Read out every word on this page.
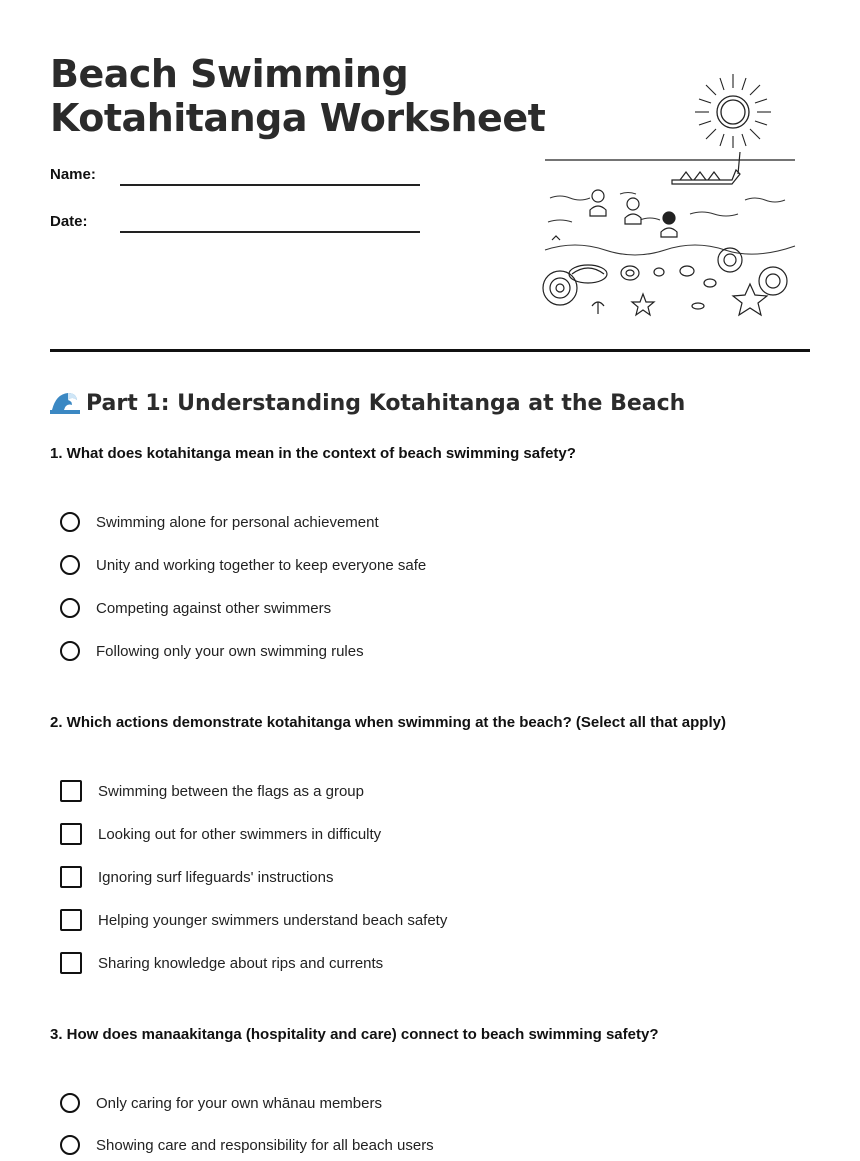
Beach Swimming
Kotahitanga Worksheet
Name:
Date:
Part 1: Understanding Kotahitanga at the Beach

1. What does kotahitanga mean in the context of beach swimming safety?

Swimming alone for personal achievement
Unity and working together to keep everyone safe
Competing against other swimmers
Following only your own swimming rules

2. Which actions demonstrate kotahitanga when swimming at the beach? (Select all that apply)

Swimming between the flags as a group
Looking out for other swimmers in difficulty
Ignoring surf lifeguards' instructions
Helping younger swimmers understand beach safety
Sharing knowledge about rips and currents

3. How does manaakitanga (hospitality and care) connect to beach swimming safety?

Only caring for your own whānau members
Showing care and responsibility for all beach users
